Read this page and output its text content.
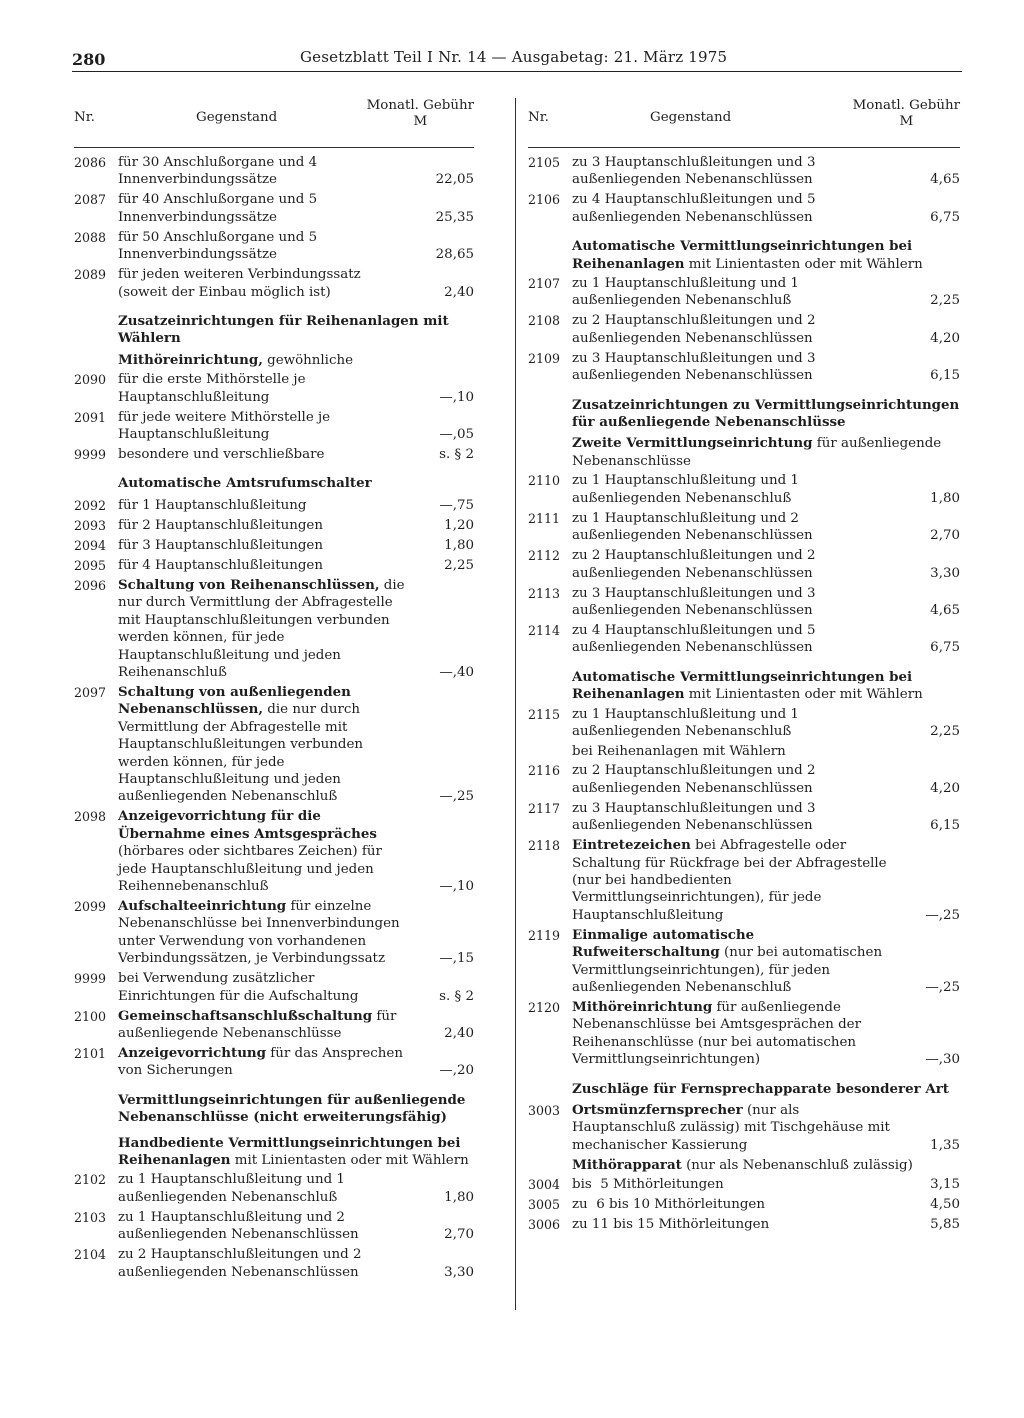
280	Gesetzblatt Teil I Nr. 14 — Ausgabetag: 21. März 1975
Nr.	Gegenstand
Monatl. Gebühr
M
2086 für 30 Anschlußorgane und 4 Innenverbindungssätze	22,05
2087 für 40 Anschlußorgane und 5 Innenverbindungssätze	25,35
2088 für 50 Anschlußorgane und 5 Innenverbindungssätze	28,65
2089 für jeden weiteren Verbindungssatz (soweit der Einbau möglich ist)	2,40
Zusatzeinrichtungen für Reihenanlagen mit Wählern
Mithöreinrichtung, gewöhnliche
2090 für die erste Mithörstelle je Hauptanschlußleitung	—,10
2091 für jede weitere Mithörstelle je Hauptanschlußleitung	—,05
9999 besondere und verschließbare	s. § 2
Automatische Amtsrufumschalter
2092 für 1 Hauptanschlußleitung	—,75
2093 für 2 Hauptanschlußleitungen	1,20
2094 für 3 Hauptanschlußleitungen	1,80
2095 für 4 Hauptanschlußleitungen	2,25
2096 Schaltung von Reihenanschlüssen, die nur durch Vermittlung der Abfragestelle mit Hauptanschlußleitungen verbunden werden können, für jede Hauptanschlußleitung und jeden Reihenanschluß	—,40
2097 Schaltung von außenliegenden Nebenanschlüssen, die nur durch Vermittlung der Abfragestelle mit Hauptanschlußleitungen verbunden werden können, für jede Hauptanschlußleitung und jeden außenliegenden Nebenanschluß	—,25
2098 Anzeigevorrichtung für die Übernahme eines Amtsgespräches (hörbares oder sichtbares Zeichen) für jede Hauptanschlußleitung und jeden Reihennebenanschluß	—,10
2099 Aufschalteeinrichtung für einzelne Nebenanschlüsse bei Innenverbindungen unter Verwendung von vorhandenen Verbindungssätzen, je Verbindungssatz	—,15
9999 bei Verwendung zusätzlicher Einrichtungen für die Aufschaltung	s. § 2
2100 Gemeinschaftsanschlußschaltung für außenliegende Nebenanschlüsse	2,40
2101 Anzeigevorrichtung für das Ansprechen von Sicherungen	—,20
Vermittlungseinrichtungen für außenliegende Nebenanschlüsse (nicht erweiterungsfähig)
Handbediente Vermittlungseinrichtungen bei Reihenanlagen mit Linientasten oder mit Wählern
2102 zu 1 Hauptanschlußleitung und 1 außenliegenden Nebenanschluß	1,80
2103 zu 1 Hauptanschlußleitung und 2 außenliegenden Nebenanschlüssen	2,70
2104 zu 2 Hauptanschlußleitungen und 2 außenliegenden Nebenanschlüssen	3,30
Nr.	Gegenstand
Monatl. Gebühr
M
2105 zu 3 Hauptanschlußleitungen und 3 außenliegenden Nebenanschlüssen	4,65
2106 zu 4 Hauptanschlußleitungen und 5 außenliegenden Nebenanschlüssen	6,75
Automatische Vermittlungseinrichtungen bei Reihenanlagen mit Linientasten oder mit Wählern
2107 zu 1 Hauptanschlußleitung und 1 außenliegenden Nebenanschluß	2,25
2108 zu 2 Hauptanschlußleitungen und 2 außenliegenden Nebenanschlüssen	4,20
2109 zu 3 Hauptanschlußleitungen und 3 außenliegenden Nebenanschlüssen	6,15
Zusatzeinrichtungen zu Vermittlungseinrichtungen für außenliegende Nebenanschlüsse
Zweite Vermittlungseinrichtung für außenliegende Nebenanschlüsse
2110 zu 1 Hauptanschlußleitung und 1 außenliegenden Nebenanschluß	1,80
2111 zu 1 Hauptanschlußleitung und 2 außenliegenden Nebenanschlüssen	2,70
2112 zu 2 Hauptanschlußleitungen und 2 außenliegenden Nebenanschlüssen	3,30
2113 zu 3 Hauptanschlußleitungen und 3 außenliegenden Nebenanschlüssen	4,65
2114 zu 4 Hauptanschlußleitungen und 5 außenliegenden Nebenanschlüssen	6,75
Automatische Vermittlungseinrichtungen bei Reihenanlagen mit Linientasten oder mit Wählern
2115 zu 1 Hauptanschlußleitung und 1 außenliegenden Nebenanschluß	2,25
bei Reihenanlagen mit Wählern
2116 zu 2 Hauptanschlußleitungen und 2 außenliegenden Nebenanschlüssen	4,20
2117 zu 3 Hauptanschlußleitungen und 3 außenliegenden Nebenanschlüssen	6,15
2118 Eintretezeichen bei Abfragestelle oder Schaltung für Rückfrage bei der Abfragestelle (nur bei handbedienten Vermittlungseinrichtungen), für jede Hauptanschlußleitung	—,25
2119 Einmalige automatische Rufweiterschaltung (nur bei automatischen Vermittlungseinrichtungen), für jeden außenliegenden Nebenanschluß	—,25
2120 Mithöreinrichtung für außenliegende Nebenanschlüsse bei Amtsgesprächen der Reihenanschlüsse (nur bei automatischen Vermittlungseinrichtungen)	—,30
Zuschläge für Fernsprechapparate besonderer Art
3003 Ortsmünzfernsprecher (nur als Hauptanschluß zulässig) mit Tischgehäuse mit mechanischer Kassierung	1,35
Mithörapparat (nur als Nebenanschluß zulässig)
3004 bis  5 Mithörleitungen	3,15
3005 zu  6 bis 10 Mithörleitungen	4,50
3006 zu 11 bis 15 Mithörleitungen	5,85
